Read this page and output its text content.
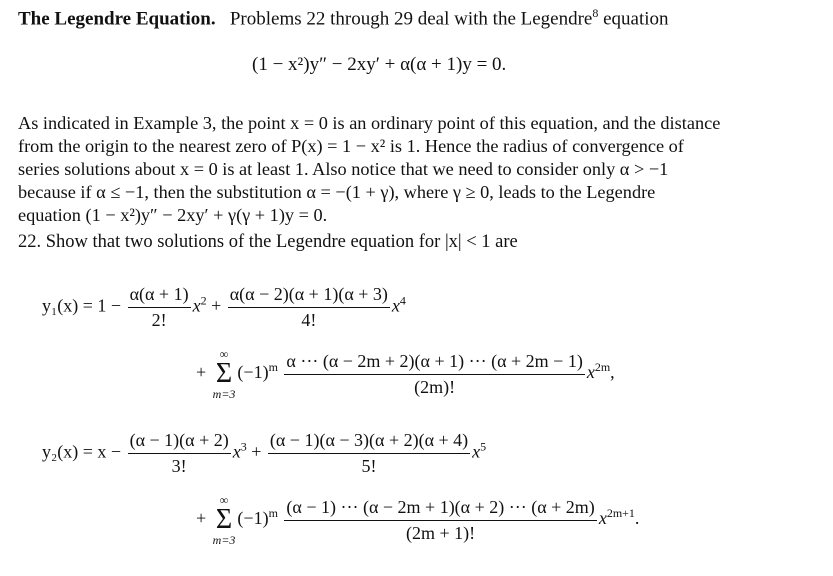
The Legendre Equation. Problems 22 through 29 deal with the Legendre$^8$ equation
(1 − x²)y″ − 2xy′ + α(α + 1)y = 0.
As indicated in Example 3, the point x = 0 is an ordinary point of this equation, and the distance
from the origin to the nearest zero of P(x) = 1 − x² is 1. Hence the radius of convergence of
series solutions about x = 0 is at least 1. Also notice that we need to consider only α > −1
because if α ≤ −1, then the substitution α = −(1 + γ), where γ ≥ 0, leads to the Legendre
equation (1 − x²)y″ − 2xy′ + γ(γ + 1)y = 0.
22. Show that two solutions of the Legendre equation for |x| < 1 are
$y_1(x) = 1 - \frac{\alpha(\alpha + 1)}{2!} x^2 + \frac{\alpha(\alpha - 2)(\alpha + 1)(\alpha + 3)}{4!} x^4$
+
∞
Σ
m=3
$(-1)^m \frac{\alpha \cdot\cdot\cdot (\alpha - 2m + 2)(\alpha + 1) \cdot\cdot\cdot (\alpha + 2m - 1)}{(2m)!} x^{2m}$,
$y_2(x) = x - \frac{(\alpha - 1)(\alpha + 2)}{3!} x^3 + \frac{(\alpha - 1)(\alpha - 3)(\alpha + 2)(\alpha + 4)}{5!} x^5$
+
∞
Σ
m=3
$(-1)^m \frac{(\alpha - 1) \cdot\cdot\cdot (\alpha - 2m + 1)(\alpha + 2) \cdot\cdot\cdot (\alpha + 2m)}{(2m + 1)!} x^{2m+1}$.
